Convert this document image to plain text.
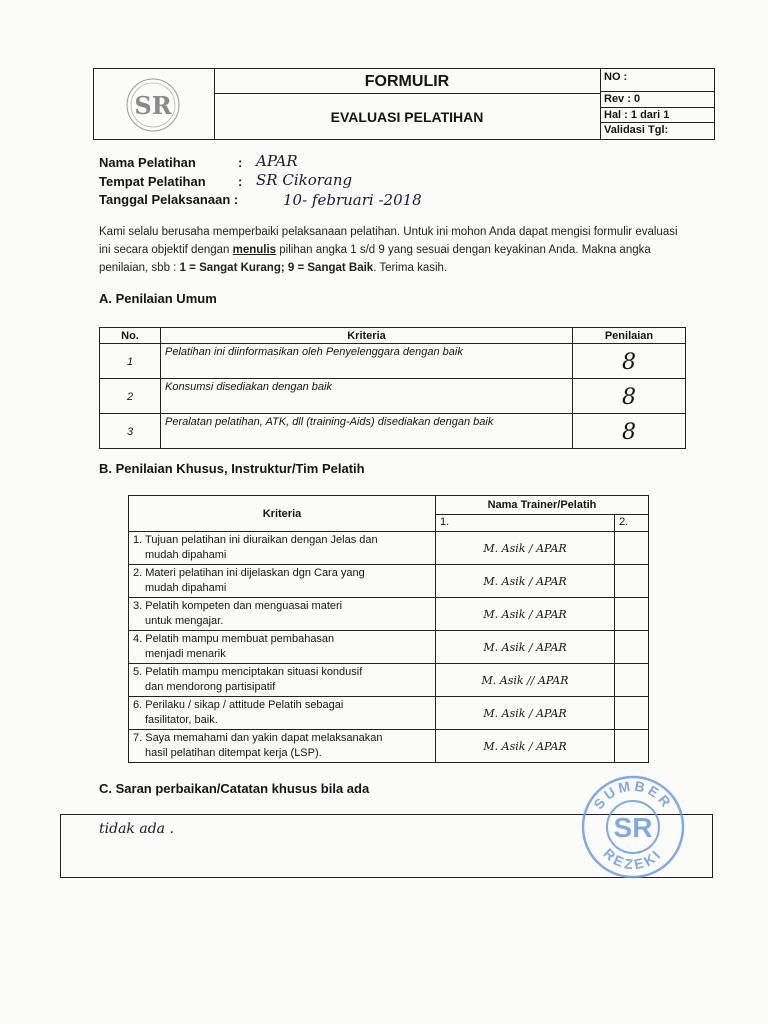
SR
FORMULIR
EVALUASI PELATIHAN
NO :
Rev : 0
Hal : 1 dari 1
Validasi Tgl:
Nama Pelatihan	: APAR
Tempat Pelatihan : SR Cikorang
Tanggal Pelaksanaan :	10- februari -2018
Kami selalu berusaha memperbaiki pelaksanaan pelatihan. Untuk ini mohon Anda dapat mengisi formulir evaluasi ini secara objektif dengan menulis pilihan angka 1 s/d 9 yang sesuai dengan keyakinan Anda. Makna angka penilaian, sbb : 1 = Sangat Kurang; 9 = Sangat Baik. Terima kasih.
A. Penilaian Umum
No.	Kriteria	Penilaian
1	Pelatihan ini diinformasikan oleh Penyelenggara dengan baik	8
2	Konsumsi disediakan dengan baik	8
3	Peralatan pelatihan, ATK, dll (training-Aids) disediakan dengan baik	8
B. Penilaian Khusus, Instruktur/Tim Pelatih
Kriteria	Nama Trainer/Pelatih	
	1.	2.

1. Tujuan pelatihan ini diuraikan dengan Jelas dan
mudah dipahami	M. Asik / APAR	

2. Materi pelatihan ini dijelaskan dgn Cara yang
mudah dipahami	M. Asik / APAR	

3. Pelatih kompeten dan menguasai materi
untuk mengajar.	M. Asik / APAR	

4. Pelatih mampu membuat pembahasan
menjadi menarik	M. Asik / APAR	

5. Pelatih mampu menciptakan situasi kondusif
dan mendorong partisipatif	M. Asik // APAR	

6. Perilaku / sikap / attitude Pelatih sebagai
fasilitator, baik.	M. Asik / APAR	

7. Saya memahami dan yakin dapat melaksanakan
hasil pelatihan ditempat kerja (LSP).	M. Asik / APAR	
C. Saran perbaikan/Catatan khusus bila ada
tidak ada .
SUMBER
REZEKI
SR
